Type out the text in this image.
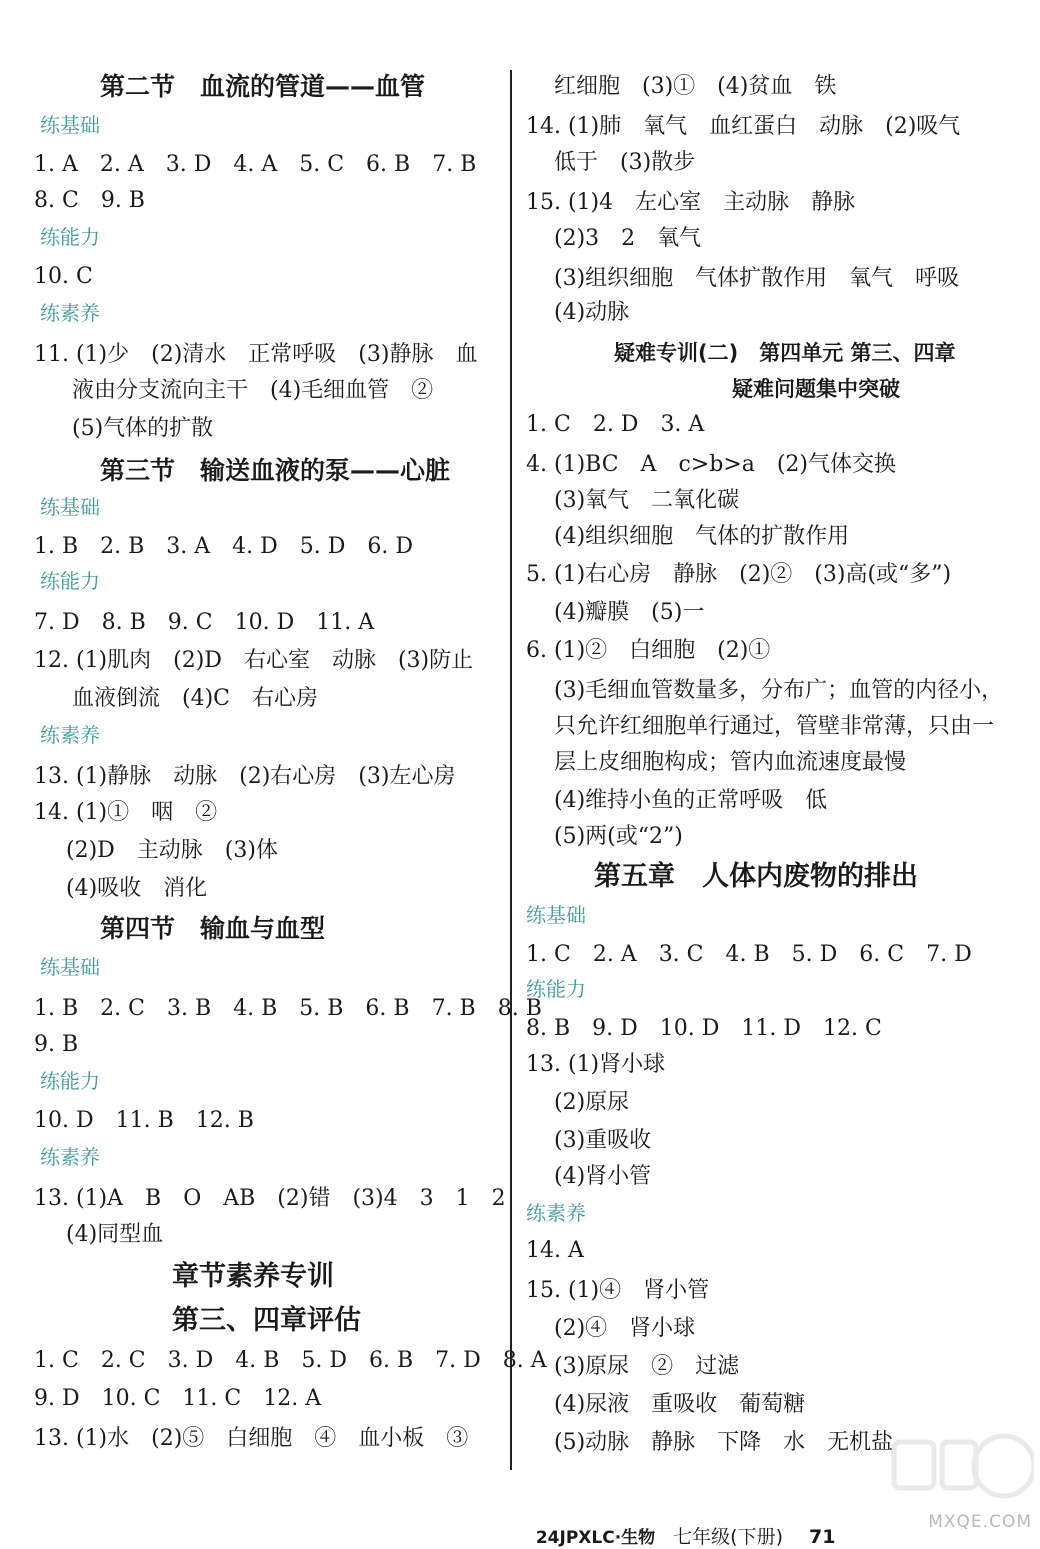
第二节　血流的管道——血管
练基础
1. A　2. A　3. D　4. A　5. C　6. B　7. B
8. C　9. B
练能力
10. C
练素养
11. (1)少　(2)清水　正常呼吸　(3)静脉　血
液由分支流向主干　(4)毛细血管　②
(5)气体的扩散
第三节　输送血液的泵——心脏
练基础
1. B　2. B　3. A　4. D　5. D　6. D
练能力
7. D　8. B　9. C　10. D　11. A
12. (1)肌肉　(2)D　右心室　动脉　(3)防止
血液倒流　(4)C　右心房
练素养
13. (1)静脉　动脉　(2)右心房　(3)左心房
14. (1)①　咽　②
(2)D　主动脉　(3)体
(4)吸收　消化
第四节　输血与血型
练基础
1. B　2. C　3. B　4. B　5. B　6. B　7. B　8. B
9. B
练能力
10. D　11. B　12. B
练素养
13. (1)A　B　O　AB　(2)错　(3)4　3　1　2
(4)同型血
章节素养专训
第三、四章评估
1. C　2. C　3. D　4. B　5. D　6. B　7. D　8. A
9. D　10. C　11. C　12. A
13. (1)水　(2)⑤　白细胞　④　血小板　③
红细胞　(3)①　(4)贫血　铁
14. (1)肺　氧气　血红蛋白　动脉　(2)吸气
低于　(3)散步
15. (1)4　左心室　主动脉　静脉
(2)3　2　氧气
(3)组织细胞　气体扩散作用　氧气　呼吸
(4)动脉
疑难专训(二)　第四单元 第三、四章
疑难问题集中突破
1. C　2. D　3. A
4. (1)BC　A　c>b>a　(2)气体交换
(3)氧气　二氧化碳
(4)组织细胞　气体的扩散作用
5. (1)右心房　静脉　(2)②　(3)高(或“多”)
(4)瓣膜　(5)一
6. (1)②　白细胞　(2)①
(3)毛细血管数量多，分布广；血管的内径小，
只允许红细胞单行通过，管壁非常薄，只由一
层上皮细胞构成；管内血流速度最慢
(4)维持小鱼的正常呼吸　低
(5)两(或“2”)
第五章　人体内废物的排出
练基础
1. C　2. A　3. C　4. B　5. D　6. C　7. D
练能力
8. B　9. D　10. D　11. D　12. C
13. (1)肾小球
(2)原尿
(3)重吸收
(4)肾小管
练素养
14. A
15. (1)④　肾小管
(2)④　肾小球
(3)原尿　②　过滤
(4)尿液　重吸收　葡萄糖
(5)动脉　静脉　下降　水　无机盐

24JPXLC·生物 七年级(下册) 71

MXQE.COM
